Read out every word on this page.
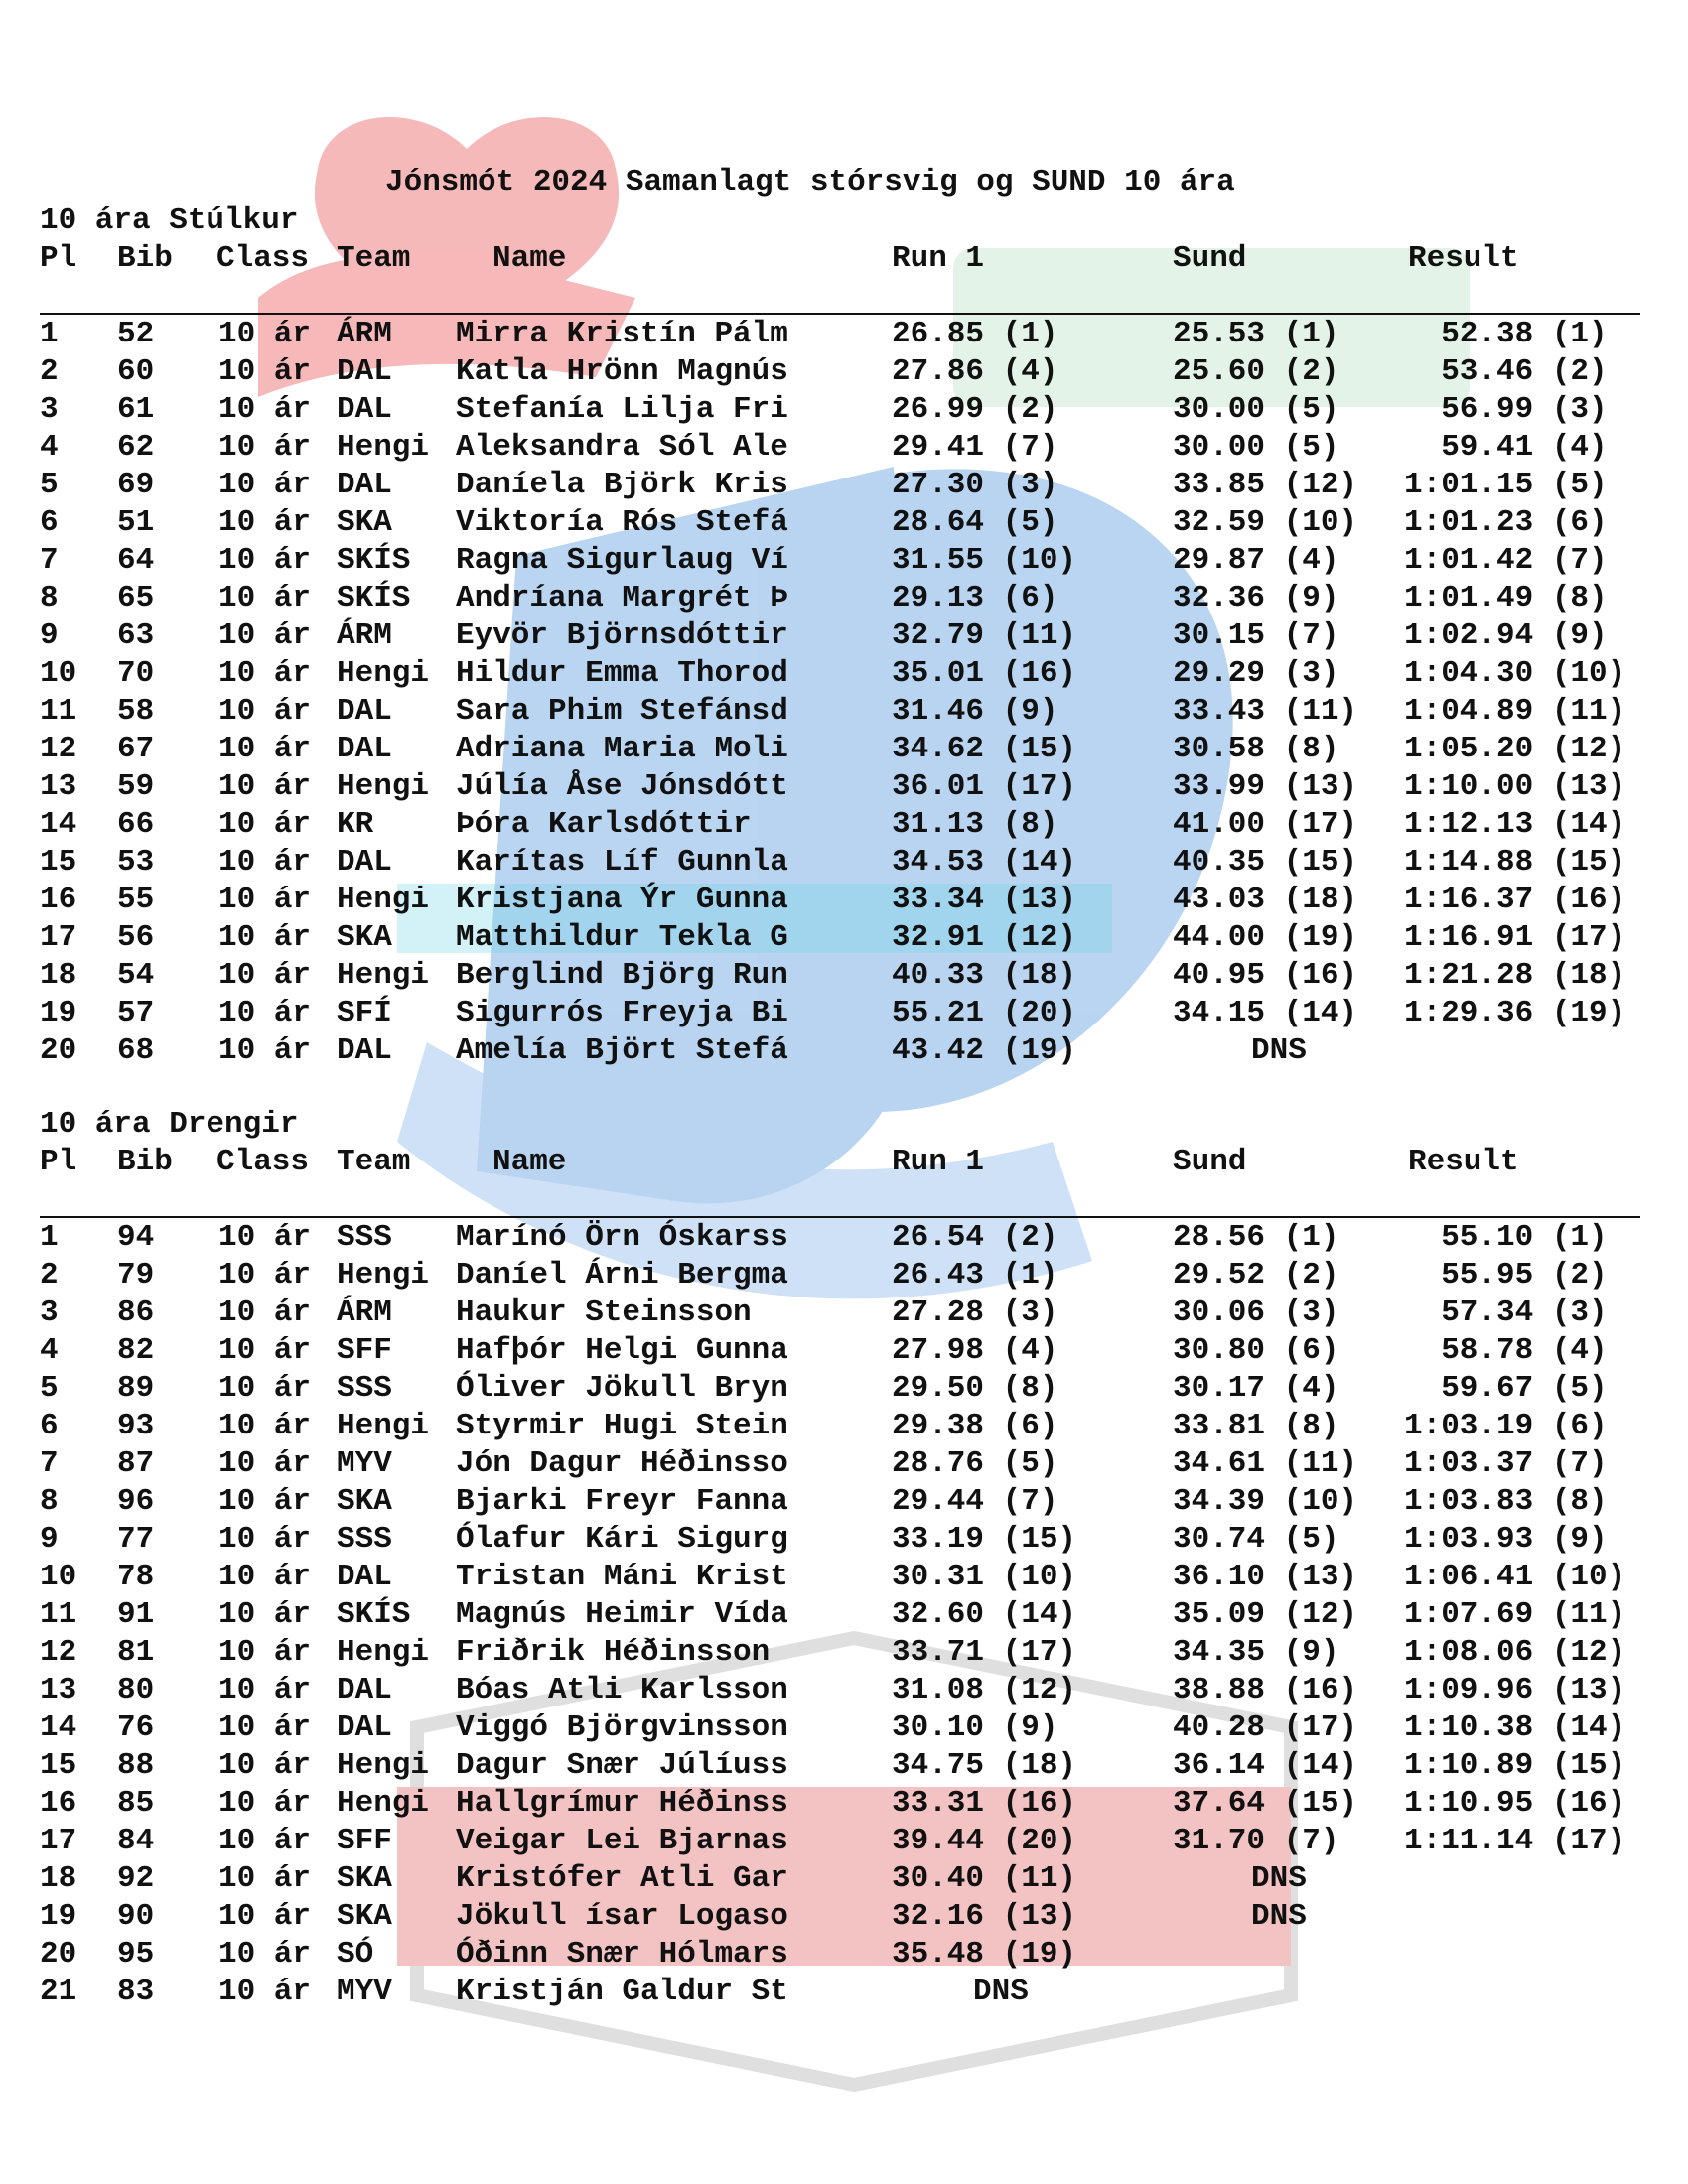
Jónsmót 2024 Samanlagt stórsvig og SUND 10 ára
10 ára Stúlkur
Pl Bib Class Team	Name	Run 1	Sund	Result
1 52 10 ár ÁRM Mirra Kristín Pálm	26.85 (1)	25.53 (1) 52.38 (1)
2 60 10 ár DAL Katla Hrönn Magnús	27.86 (4)	25.60 (2) 53.46 (2)
3 61 10 ár DAL Stefanía Lilja Fri	26.99 (2)	30.00 (5) 56.99 (3)
4 62 10 ár Hengi Aleksandra Sól Ale	29.41 (7)	30.00 (5) 59.41 (4)
5 69 10 ár DAL Daníela Björk Kris	27.30 (3)	33.85 (12) 1:01.15 (5)
6 51 10 ár SKA Viktoría Rós Stefá	28.64 (5)	32.59 (10) 1:01.23 (6)
7 64 10 ár SKÍS Ragna Sigurlaug Ví	31.55 (10)	29.87 (4) 1:01.42 (7)
8 65 10 ár SKÍS Andríana Margrét Þ	29.13 (6)	32.36 (9) 1:01.49 (8)
9 63 10 ár ÁRM Eyvör Björnsdóttir	32.79 (11)	30.15 (7) 1:02.94 (9)
10 70 10 ár Hengi Hildur Emma Thorod	35.01 (16)	29.29 (3) 1:04.30 (10)
11 58 10 ár DAL Sara Phim Stefánsd	31.46 (9)	33.43 (11) 1:04.89 (11)
12 67 10 ár DAL Adriana Maria Moli	34.62 (15)	30.58 (8) 1:05.20 (12)
13 59 10 ár Hengi Júlía Åse Jónsdótt	36.01 (17)	33.99 (13) 1:10.00 (13)
14 66 10 ár KR	Þóra Karlsdóttir	31.13 (8)	41.00 (17) 1:12.13 (14)
15 53 10 ár DAL Karítas Líf Gunnla	34.53 (14)	40.35 (15) 1:14.88 (15)
16 55 10 ár Hengi Kristjana Ýr Gunna	33.34 (13)	43.03 (18) 1:16.37 (16)
17 56 10 ár SKA Matthildur Tekla G	32.91 (12)	44.00 (19) 1:16.91 (17)
18 54 10 ár Hengi Berglind Björg Run	40.33 (18)	40.95 (16) 1:21.28 (18)
19 57 10 ár SFÍ Sigurrós Freyja Bi	55.21 (20)	34.15 (14) 1:29.36 (19)
20 68 10 ár DAL Amelía Björt Stefá	43.42 (19)	DNS
10 ára Drengir
Pl Bib Class Team	Name	Run 1	Sund	Result
1 94 10 ár SSS Marínó Örn Óskarss	26.54 (2)	28.56 (1) 55.10 (1)
2 79 10 ár Hengi Daníel Árni Bergma	26.43 (1)	29.52 (2) 55.95 (2)
3 86 10 ár ÁRM Haukur Steinsson	27.28 (3)	30.06 (3) 57.34 (3)
4 82 10 ár SFF Hafþór Helgi Gunna	27.98 (4)	30.80 (6) 58.78 (4)
5 89 10 ár SSS Óliver Jökull Bryn	29.50 (8)	30.17 (4) 59.67 (5)
6 93 10 ár Hengi Styrmir Hugi Stein	29.38 (6)	33.81 (8) 1:03.19 (6)
7 87 10 ár MYV Jón Dagur Héðinsso	28.76 (5)	34.61 (11) 1:03.37 (7)
8 96 10 ár SKA Bjarki Freyr Fanna	29.44 (7)	34.39 (10) 1:03.83 (8)
9 77 10 ár SSS Ólafur Kári Sigurg	33.19 (15)	30.74 (5) 1:03.93 (9)
10 78 10 ár DAL Tristan Máni Krist	30.31 (10)	36.10 (13) 1:06.41 (10)
11 91 10 ár SKÍS Magnús Heimir Vída	32.60 (14)	35.09 (12) 1:07.69 (11)
12 81 10 ár Hengi Friðrik Héðinsson	33.71 (17)	34.35 (9) 1:08.06 (12)
13 80 10 ár DAL Bóas Atli Karlsson	31.08 (12)	38.88 (16) 1:09.96 (13)
14 76 10 ár DAL Viggó Björgvinsson	30.10 (9)	40.28 (17) 1:10.38 (14)
15 88 10 ár Hengi Dagur Snær Júlíuss	34.75 (18)	36.14 (14) 1:10.89 (15)
16 85 10 ár Hengi Hallgrímur Héðinss	33.31 (16)	37.64 (15) 1:10.95 (16)
17 84 10 ár SFF Veigar Lei Bjarnas	39.44 (20)	31.70 (7) 1:11.14 (17)
18 92 10 ár SKA Kristófer Atli Gar	30.40 (11)	DNS
19 90 10 ár SKA Jökull ísar Logaso	32.16 (13)	DNS
20 95 10 ár SÓ	Óðinn Snær Hólmars	35.48 (19)
21 83 10 ár MYV Kristján Galdur St	DNS
